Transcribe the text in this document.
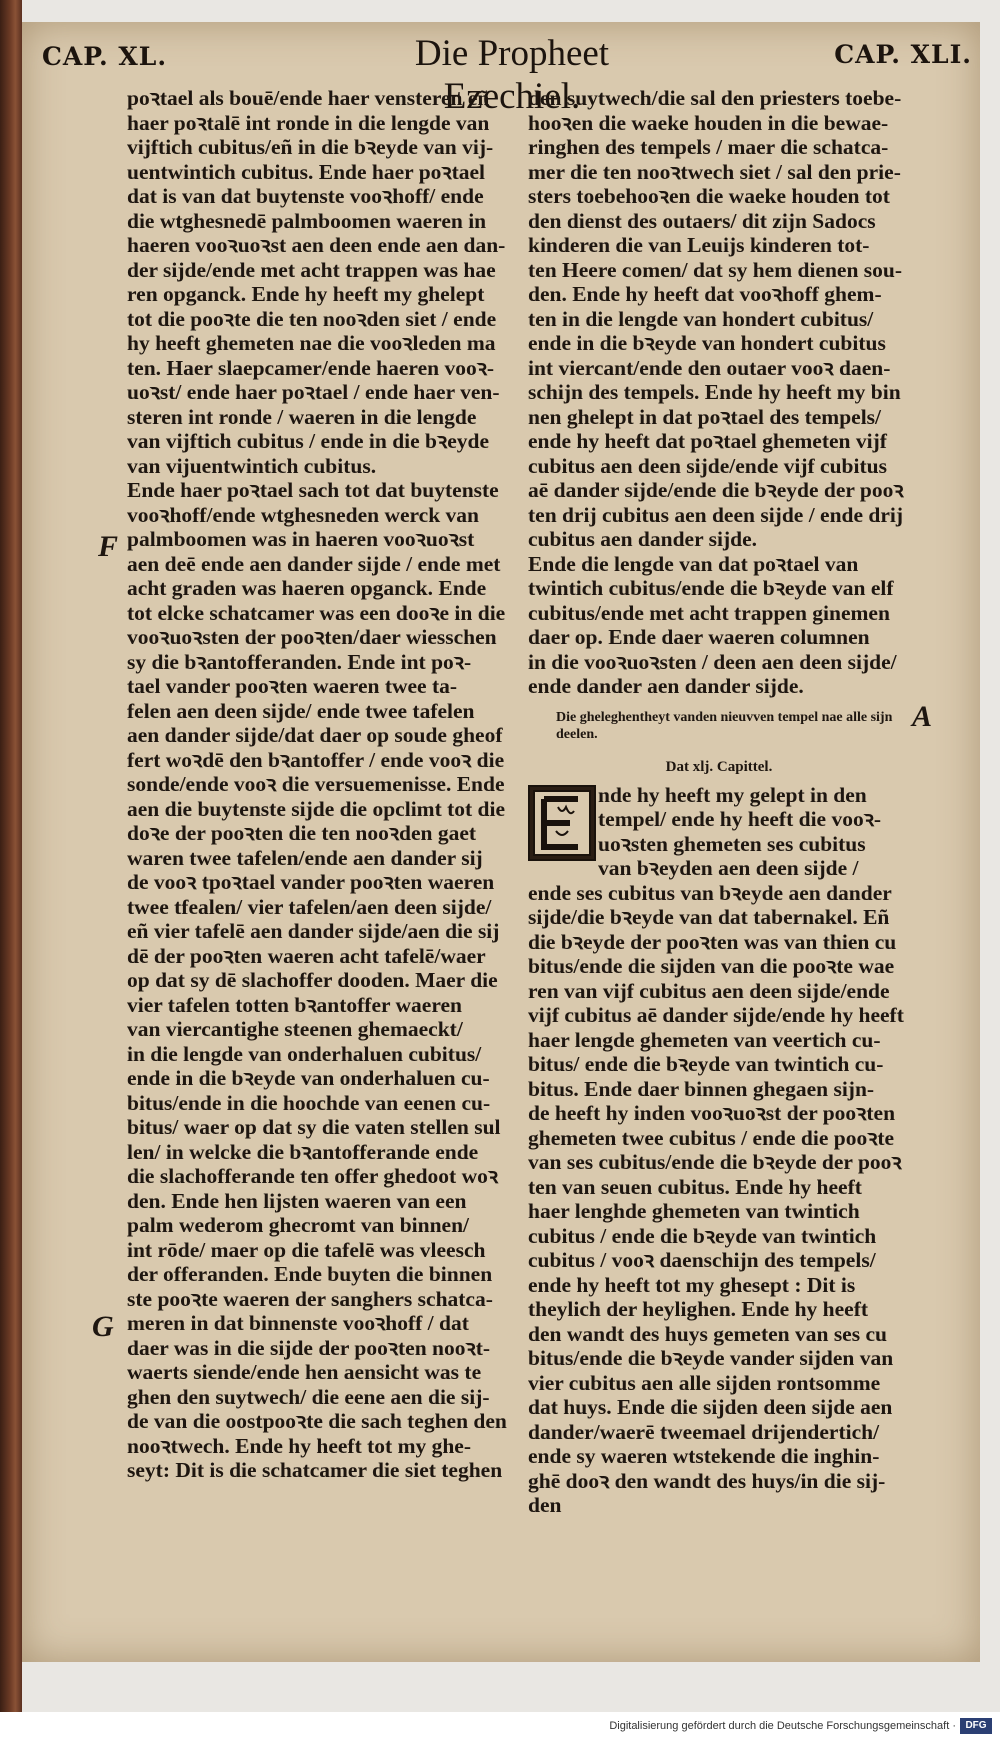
CAP. XL.	Die Propheet Ezechiel.
CAP. XLI.
poꝛtael als bouē/ende haer vensteren eñ
haer poꝛtalē int ronde in die lengde van
vijftich cubitus/eñ in die bꝛeyde van vij-
uentwintich cubitus. Ende haer poꝛtael
dat is van dat buytenste vooꝛhoff/ ende
die wtghesnedē palmboomen waeren in
haeren vooꝛuoꝛst aen deen ende aen dan-
der sijde/ende met acht trappen was hae
ren opganck. Ende hy heeft my ghelept
tot die pooꝛte die ten nooꝛden siet / ende
hy heeft ghemeten nae die vooꝛleden ma
ten. Haer slaepcamer/ende haeren vooꝛ-
uoꝛst/ ende haer poꝛtael / ende haer ven-
steren int ronde / waeren in die lengde
van vijftich cubitus / ende in die bꝛeyde
van vijuentwintich cubitus.
Ende haer poꝛtael sach tot dat buytenste
vooꝛhoff/ende wtghesneden werck van
palmboomen was in haeren vooꝛuoꝛst
aen deē ende aen dander sijde / ende met
acht graden was haeren opganck. Ende
tot elcke schatcamer was een dooꝛe in die
vooꝛuoꝛsten der pooꝛten/daer wiesschen
sy die bꝛantofferanden. Ende int poꝛ-
tael vander pooꝛten waeren twee ta-
felen aen deen sijde/ ende twee tafelen
aen dander sijde/dat daer op soude gheof
fert woꝛdē den bꝛantoffer / ende vooꝛ die
sonde/ende vooꝛ die versuemenisse. Ende
aen die buytenste sijde die opclimt tot die
doꝛe der pooꝛten die ten nooꝛden gaet
waren twee tafelen/ende aen dander sij
de vooꝛ tpoꝛtael vander pooꝛten waeren
twee tfealen/ vier tafelen/aen deen sijde/
eñ vier tafelē aen dander sijde/aen die sij
dē der pooꝛten waeren acht tafelē/waer
op dat sy dē slachoffer dooden. Maer die
vier tafelen totten bꝛantoffer waeren
van viercantighe steenen ghemaeckt/
in die lengde van onderhaluen cubitus/
ende in die bꝛeyde van onderhaluen cu-
bitus/ende in die hoochde van eenen cu-
bitus/ waer op dat sy die vaten stellen sul
len/ in welcke die bꝛantofferande ende
die slachofferande ten offer ghedoot woꝛ
den. Ende hen lijsten waeren van een
palm wederom ghecromt van binnen/
int rōde/ maer op die tafelē was vleesch
der offeranden. Ende buyten die binnen
ste pooꝛte waeren der sanghers schatca-
meren in dat binnenste vooꝛhoff / dat
daer was in die sijde der pooꝛten nooꝛt-
waerts siende/ende hen aensicht was te
ghen den suytwech/ die eene aen die sij-
de van die oostpooꝛte die sach teghen den
nooꝛtwech. Ende hy heeft tot my ghe-
seyt: Dit is die schatcamer die siet teghen
den suytwech/die sal den priesters toebe-
hooꝛen die waeke houden in die bewae-
ringhen des tempels / maer die schatca-
mer die ten nooꝛtwech siet / sal den prie-
sters toebehooꝛen die waeke houden tot
den dienst des outaers/ dit zijn Sadocs
kinderen die van Leuijs kinderen tot-
ten Heere comen/ dat sy hem dienen sou-
den. Ende hy heeft dat vooꝛhoff ghem-
ten in die lengde van hondert cubitus/
ende in die bꝛeyde van hondert cubitus
int viercant/ende den outaer vooꝛ daen-
schijn des tempels. Ende hy heeft my bin
nen ghelept in dat poꝛtael des tempels/
ende hy heeft dat poꝛtael ghemeten vijf
cubitus aen deen sijde/ende vijf cubitus
aē dander sijde/ende die bꝛeyde der pooꝛ
ten drij cubitus aen deen sijde / ende drij
cubitus aen dander sijde.
Ende die lengde van dat poꝛtael van
twintich cubitus/ende die bꝛeyde van elf
cubitus/ende met acht trappen ginemen
daer op. Ende daer waeren columnen
in die vooꝛuoꝛsten / deen aen deen sijde/
ende dander aen dander sijde.
Die gheleghentheyt vanden nieuvven tempel nae alle sijn deelen.
Dat xlj. Capittel.
nde hy heeft my gelept in den
tempel/ ende hy heeft die vooꝛ-
uoꝛsten ghemeten ses cubitus
van bꝛeyden aen deen sijde /
ende ses cubitus van bꝛeyde aen dander
sijde/die bꝛeyde van dat tabernakel. Eñ
die bꝛeyde der pooꝛten was van thien cu
bitus/ende die sijden van die pooꝛte wae
ren van vijf cubitus aen deen sijde/ende
vijf cubitus aē dander sijde/ende hy heeft
haer lengde ghemeten van veertich cu-
bitus/ ende die bꝛeyde van twintich cu-
bitus. Ende daer binnen ghegaen sijn-
de heeft hy inden vooꝛuoꝛst der pooꝛten
ghemeten twee cubitus / ende die pooꝛte
van ses cubitus/ende die bꝛeyde der pooꝛ
ten van seuen cubitus. Ende hy heeft
haer lenghde ghemeten van twintich
cubitus / ende die bꝛeyde van twintich
cubitus / vooꝛ daenschijn des tempels/
ende hy heeft tot my ghesept : Dit is
theylich der heylighen. Ende hy heeft
den wandt des huys gemeten van ses cu
bitus/ende die bꝛeyde vander sijden van
vier cubitus aen alle sijden rontsomme
dat huys. Ende die sijden deen sijde aen
dander/waerē tweemael drijendertich/
ende sy waeren wtstekende die inghin-
ghē dooꝛ den wandt des huys/in die sij-
den
F
G
A
Digitalisierung gefördert durch die Deutsche Forschungsgemeinschaft · DFG
